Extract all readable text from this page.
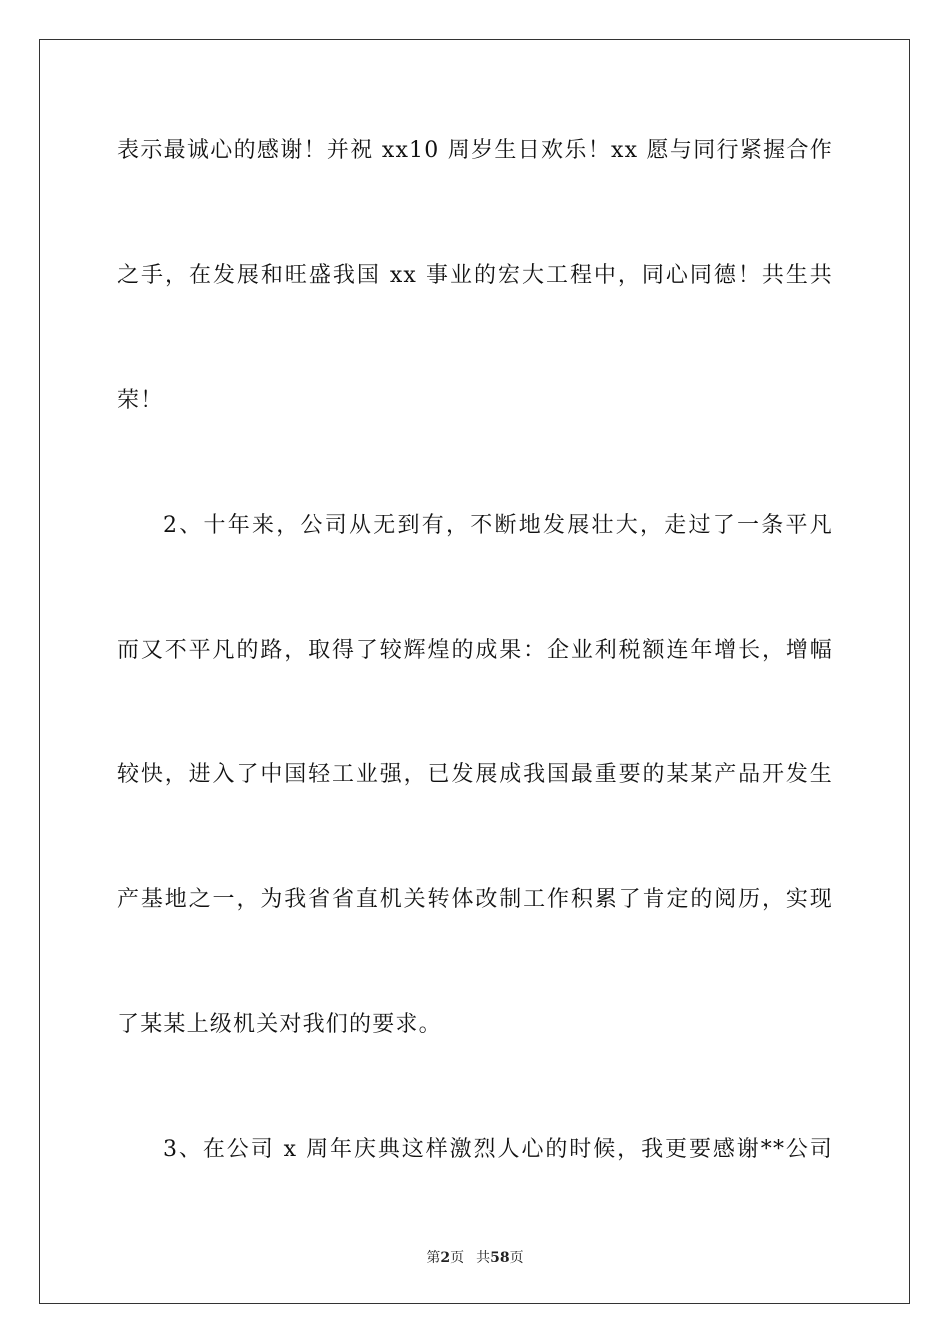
表示最诚心的感谢！并祝 xx10 周岁生日欢乐！xx 愿与同行紧握合作
之手，在发展和旺盛我国 xx 事业的宏大工程中，同心同德！共生共
荣！
2、十年来，公司从无到有，不断地发展壮大，走过了一条平凡
而又不平凡的路，取得了较辉煌的成果：企业利税额连年增长，增幅
较快，进入了中国轻工业强，已发展成我国最重要的某某产品开发生
产基地之一，为我省省直机关转体改制工作积累了肯定的阅历，实现
了某某上级机关对我们的要求。
3、在公司 x 周年庆典这样激烈人心的时候，我更要感谢**公司
第2页 共58页
